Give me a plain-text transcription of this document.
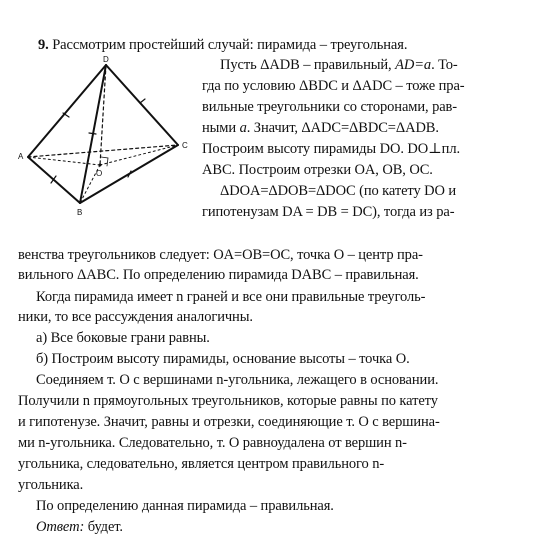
9. Рассмотрим простейший случай: пирамида – треугольная.
D
A
B
C
O
Пусть ΔADB – правильный, AD=a. То-
гда по условию ΔBDC и ΔADC – тоже пра-
вильные треугольники со сторонами, рав-
ными a. Значит, ΔADC=ΔBDC=ΔADB.
Построим высоту пирамиды DO. DO⊥пл.
ABC. Построим отрезки OA, OB, OC.
ΔDOA=ΔDOB=ΔDOC (по катету DO и
гипотенузам DA = DB = DC), тогда из ра-
венства треугольников следует: OA=OB=OC, точка O – центр пра-
вильного ΔABC. По определению пирамида DABC – правильная.
Когда пирамида имеет n граней и все они правильные треуголь-
ники, то все рассуждения аналогичны.
а) Все боковые грани равны.
б) Построим высоту пирамиды, основание высоты – точка O.
Соединяем т. O с вершинами n-угольника, лежащего в основании.
Получили n прямоугольных треугольников, которые равны по катету
и гипотенузе. Значит, равны и отрезки, соединяющие т. O с вершина-
ми n-угольника. Следовательно, т. O равноудалена от вершин n-
угольника, следовательно, является центром правильного n-
угольника.
По определению данная пирамида – правильная.
Ответ: будет.
